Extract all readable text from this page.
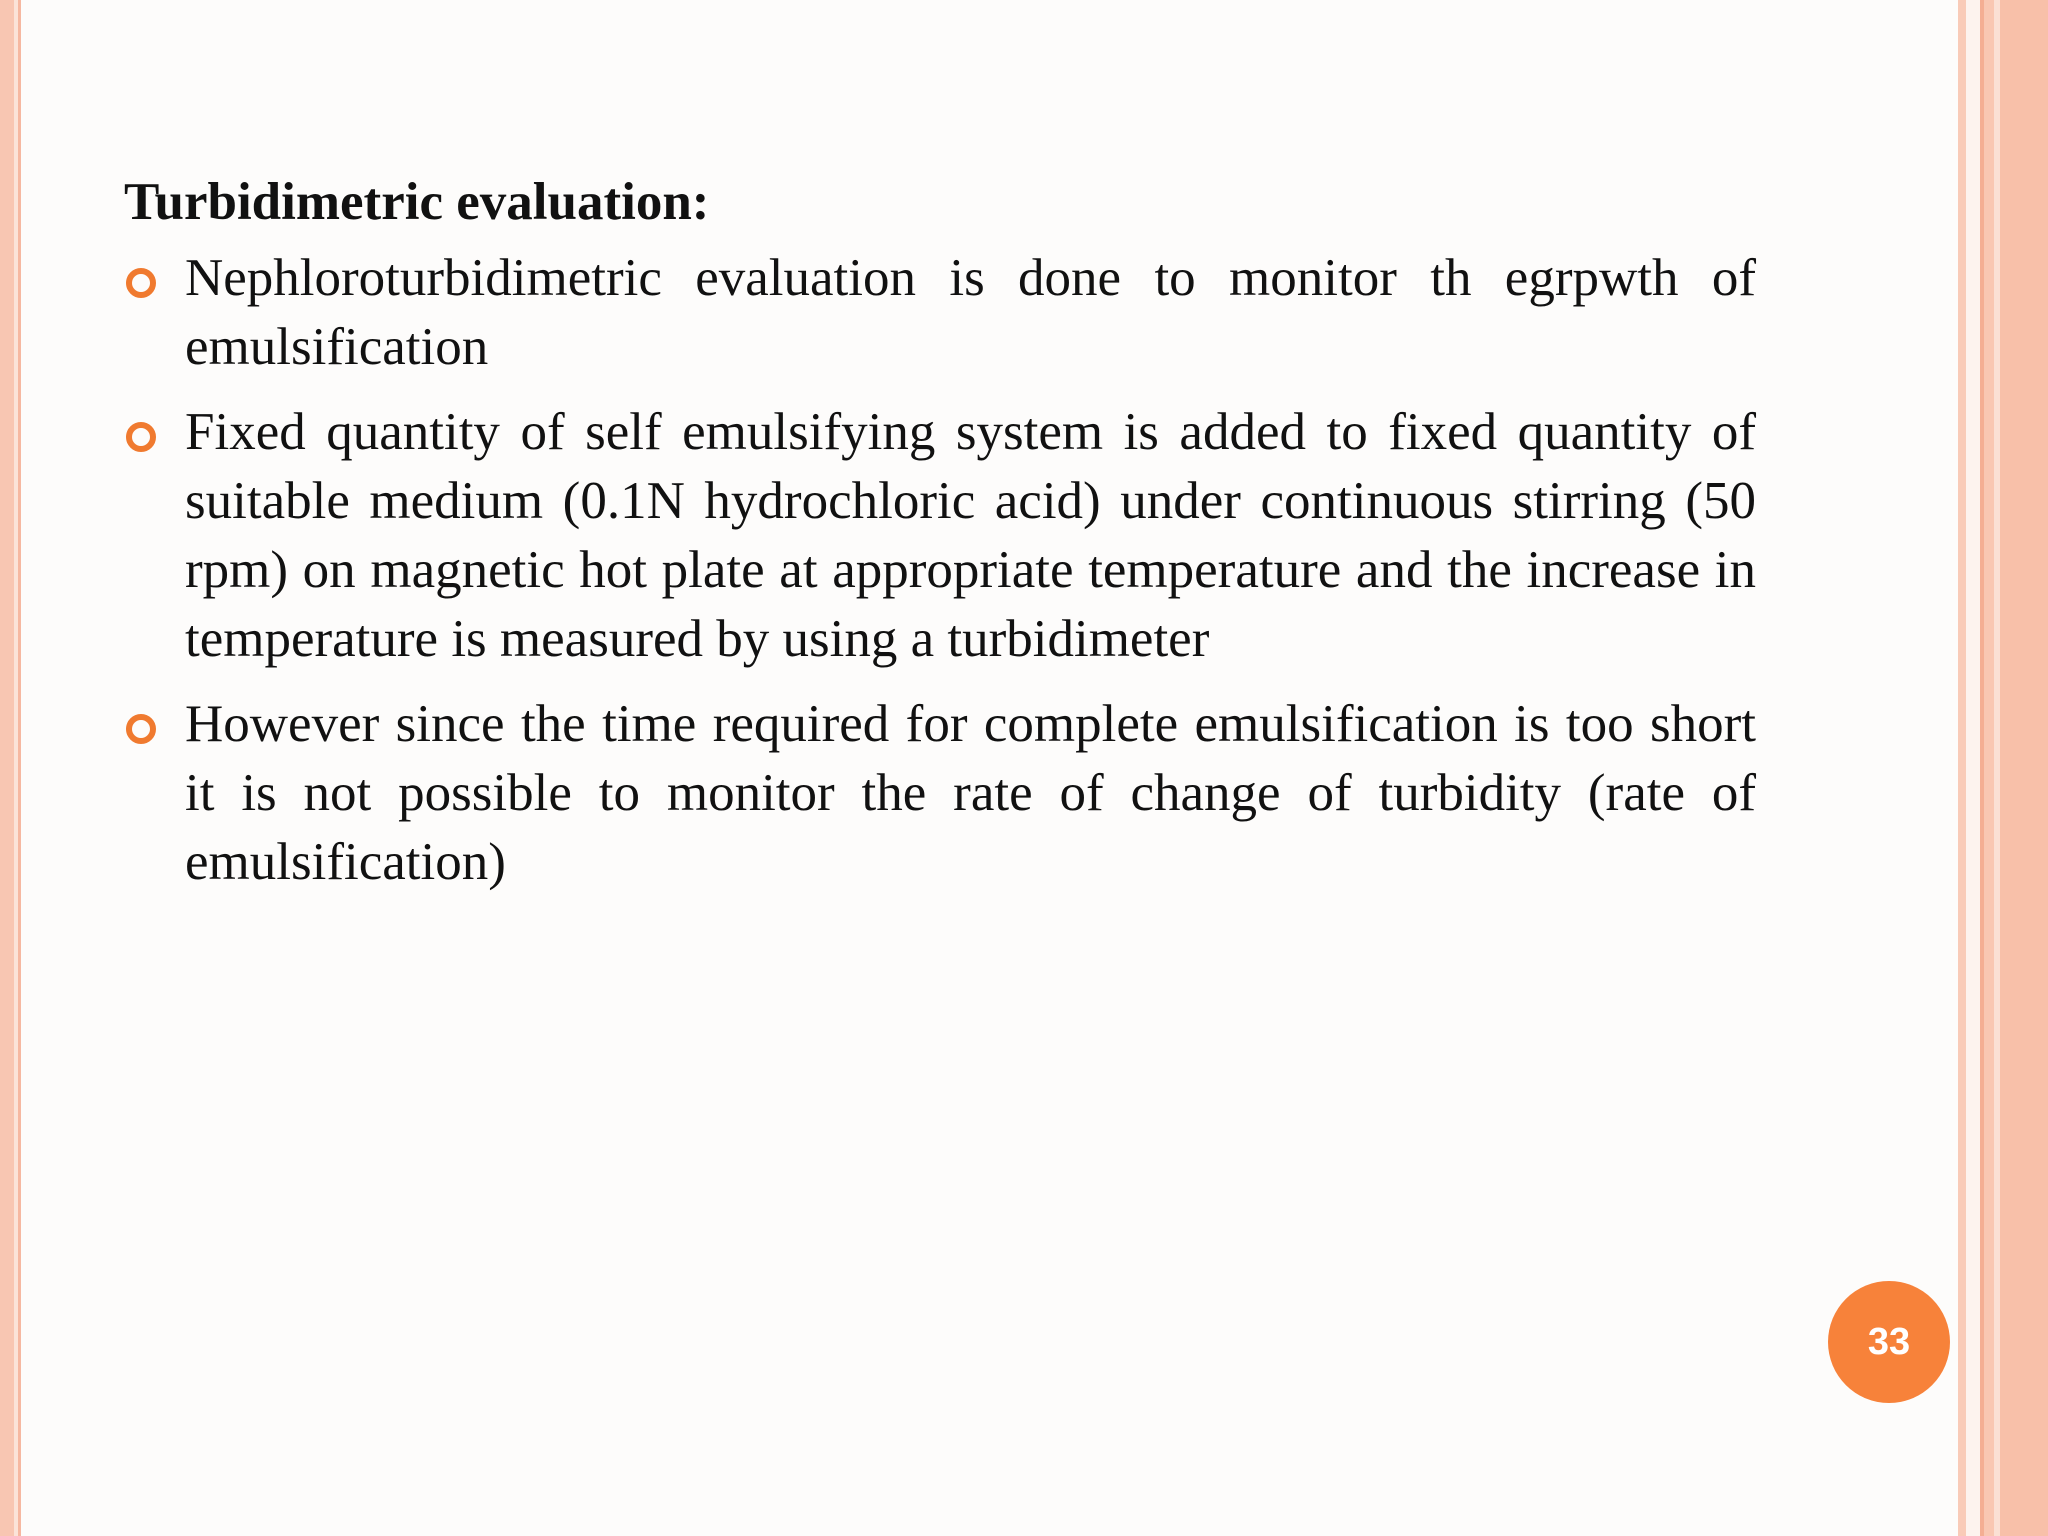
Turbidimetric evaluation:
Nephloroturbidimetric evaluation is done to monitor th egrpwth of emulsification
Fixed quantity of self emulsifying system is added to fixed quantity of suitable medium (0.1N hydrochloric acid) under continuous stirring (50 rpm) on magnetic hot plate at appropriate temperature and the increase in temperature is measured by using a turbidimeter
However since the time required for complete emulsification is too short it is not possible to monitor the rate of change of turbidity (rate of emulsification)
33
